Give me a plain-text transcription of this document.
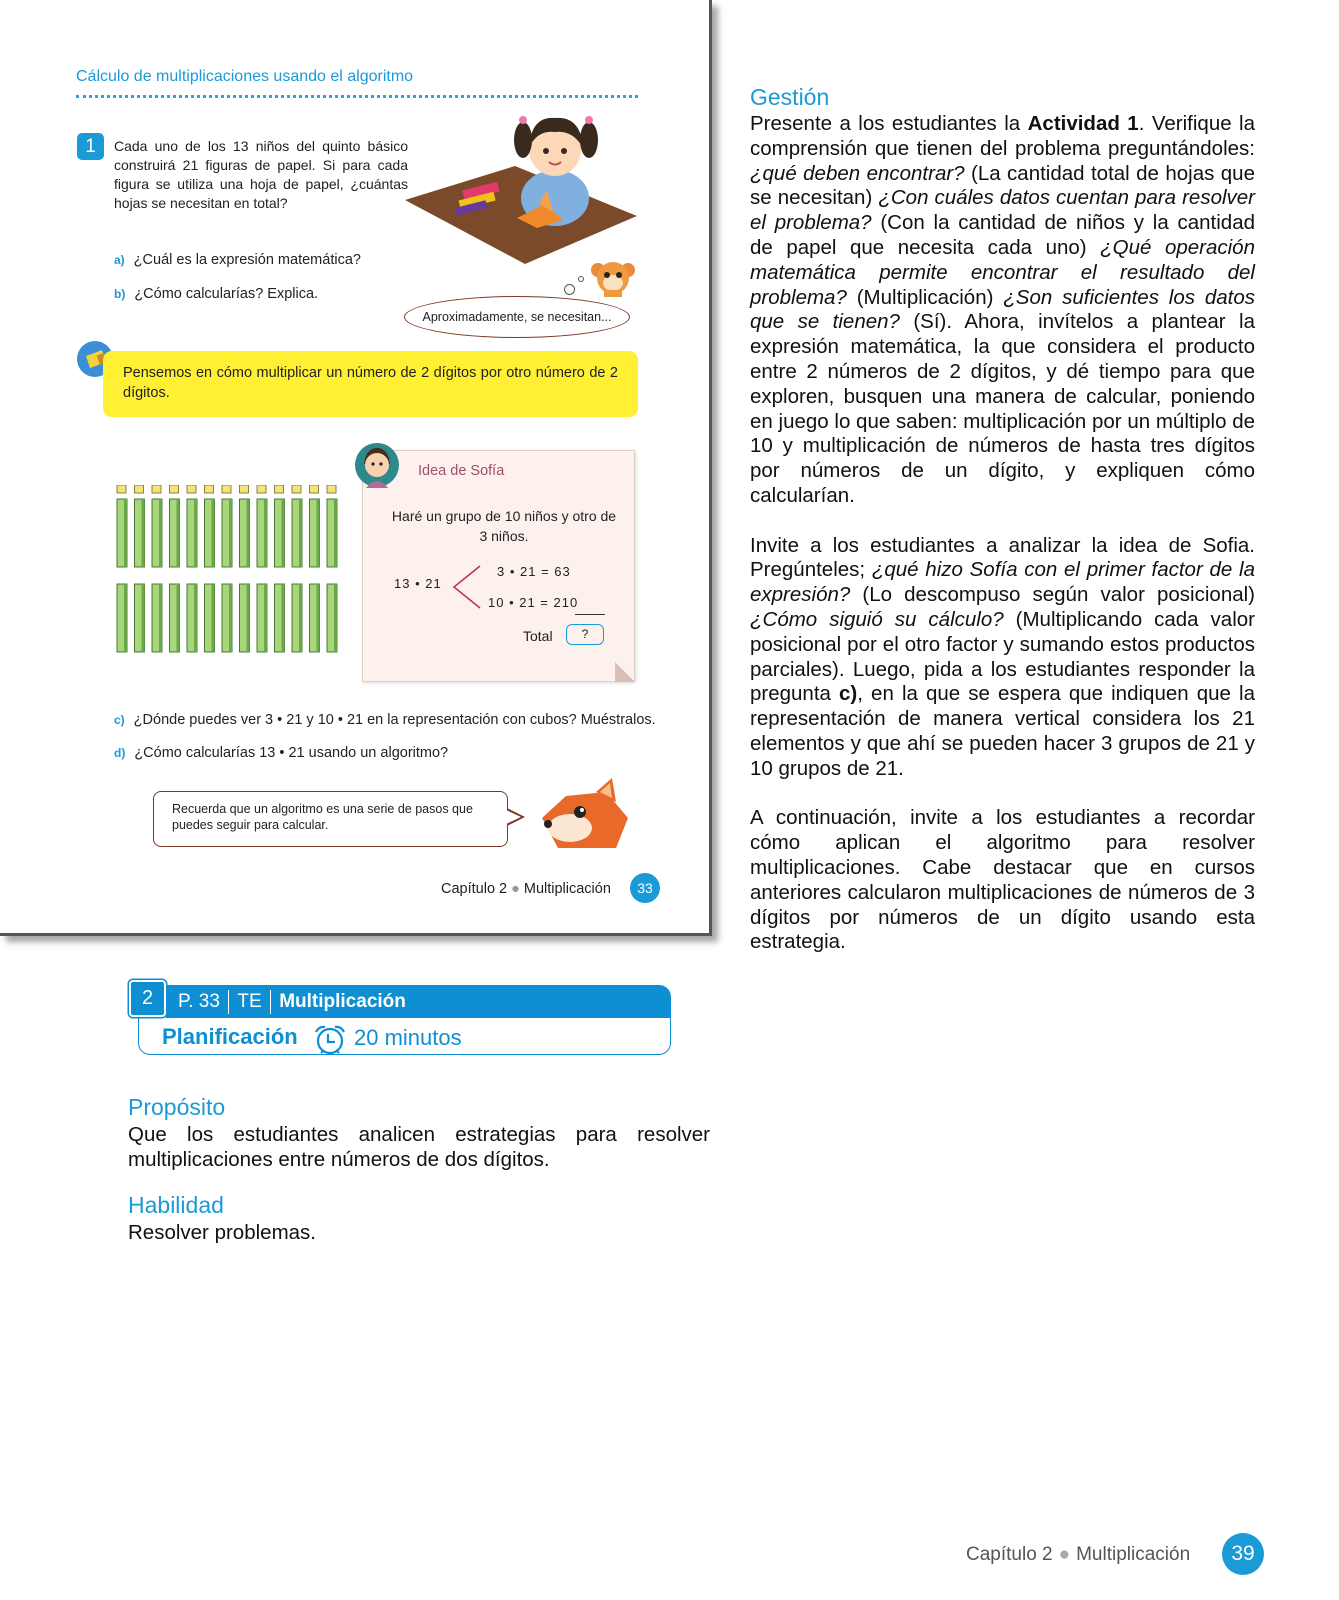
Cálculo de multiplicaciones usando el algoritmo
1	Cada uno de los 13 niños del quinto básico construirá 21 figuras de papel. Si para cada figura se utiliza una hoja de papel, ¿cuántas hojas se necesitan en total?
a) ¿Cuál es la expresión matemática?
b) ¿Cómo calcularías? Explica.
Aproximadamente, se necesitan...
Pensemos en cómo multiplicar un número de 2 dígitos por otro número de 2 dígitos.
Idea de Sofía
Haré un grupo de 10 niños y otro de 3 niños.
13 • 21
3 • 21 = 63
10 • 21 = 210
Total	?
c) ¿Dónde puedes ver 3 • 21 y 10 • 21 en la representación con cubos? Muéstralos.
d) ¿Cómo calcularías 13 • 21 usando un algoritmo?
Recuerda que un algoritmo es una serie de pasos que puedes seguir para calcular.
Capítulo 2 ● Multiplicación	33
Gestión

Presente a los estudiantes la Actividad 1. Verifique la comprensión que tienen del problema preguntándoles: ¿qué deben encontrar? (La cantidad total de hojas que se necesitan) ¿Con cuáles datos cuentan para resolver el problema? (Con la cantidad de niños y la cantidad de papel que necesita cada uno) ¿Qué operación matemática permite encontrar el resultado del problema? (Multiplicación) ¿Son suficientes los datos que se tienen? (Sí). Ahora, invítelos a plantear la expresión matemática, la que considera el producto entre 2 números de 2 dígitos, y dé tiempo para que exploren, busquen una manera de calcular, poniendo en juego lo que saben: multiplicación por un múltiplo de 10 y multiplicación de números de hasta tres dígitos por números de un dígito, y expliquen cómo calcularían.

Invite a los estudiantes a analizar la idea de Sofia. Pregúnteles; ¿qué hizo Sofía con el primer factor de la expresión? (Lo descompuso según valor posicional) ¿Cómo siguió su cálculo? (Multiplicando cada valor posicional por el otro factor y sumando estos productos parciales). Luego, pida a los estudiantes responder la pregunta c), en la que se espera que indiquen que la representación de manera vertical considera los 21 elementos y que ahí se pueden hacer 3 grupos de 21 y 10 grupos de 21.

A continuación, invite a los estudiantes a recordar cómo aplican el algoritmo para resolver multiplicaciones. Cabe destacar que en cursos anteriores calcularon multiplicaciones de números de 3 dígitos por números de un dígito usando esta estrategia.

P. 33 TE Multiplicación
2
Planificación	20 minutos
Propósito
Que los estudiantes analicen estrategias para resolver multiplicaciones entre números de dos dígitos.
Habilidad
Resolver problemas.
Capítulo 2 ● Multiplicación	39
